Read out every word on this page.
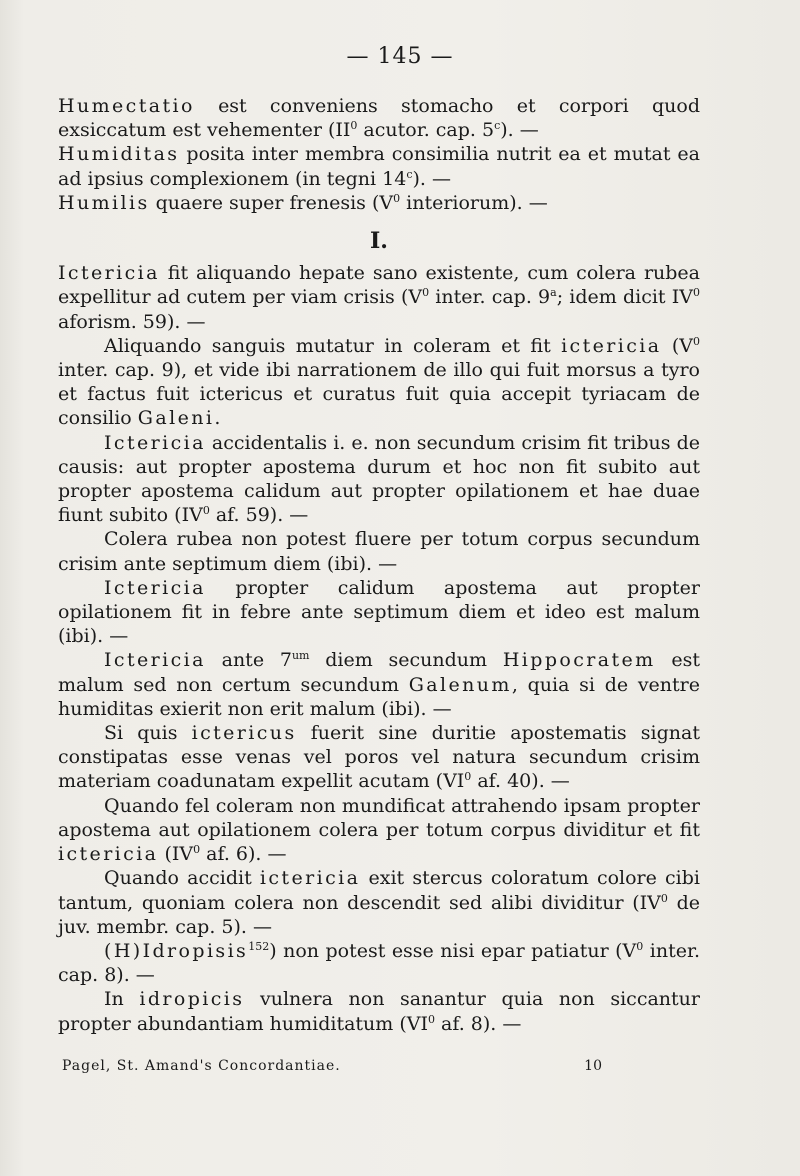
— 145 —

Humectatio est conveniens stomacho et corpori quod exsiccatum est vehementer ($II^0$ acutor. cap. 5$^c$). —

Humiditas posita inter membra consimilia nutrit ea et mutat ea ad ipsius complexionem (in tegni 14$^c$). —

Humilis quaere super frenesis ($V^0$ interiorum). —

I.

Ictericia fit aliquando hepate sano existente, cum colera rubea expellitur ad cutem per viam crisis ($V^0$ inter. cap. 9$^a$; idem dicit $IV^0$ aforism. 59). —

Aliquando sanguis mutatur in coleram et fit ictericia ($V^0$ inter. cap. 9), et vide ibi narrationem de illo qui fuit morsus a tyro et factus fuit ictericus et curatus fuit quia accepit tyriacam de consilio Galeni.

Ictericia accidentalis i. e. non secundum crisim fit tribus de causis: aut propter apostema durum et hoc non fit subito aut propter apostema calidum aut propter opilationem et hae duae fiunt subito ($IV^0$ af. 59). —

Colera rubea non potest fluere per totum corpus secundum crisim ante septimum diem (ibi). —

Ictericia propter calidum apostema aut propter opilationem fit in febre ante septimum diem et ideo est malum (ibi). —

Ictericia ante $7^{um}$ diem secundum Hippocratem est malum sed non certum secundum Galenum, quia si de ventre humiditas exierit non erit malum (ibi). —

Si quis ictericus fuerit sine duritie apostematis signat constipatas esse venas vel poros vel natura secundum crisim materiam coadunatam expellit acutam ($VI^0$ af. 40). —

Quando fel coleram non mundificat attrahendo ipsam propter apostema aut opilationem colera per totum corpus dividitur et fit ictericia ($IV^0$ af. 6). —

Quando accidit ictericia exit stercus coloratum colore cibi tantum, quoniam colera non descendit sed alibi dividitur ($IV^0$ de juv. membr. cap. 5). —

(H)Idropisis$^{152}$) non potest esse nisi epar patiatur ($V^0$ inter. cap. 8). —

In idropicis vulnera non sanantur quia non siccantur propter abundantiam humiditatum ($VI^0$ af. 8). —

Pagel, St. Amand's Concordantiae.	10
